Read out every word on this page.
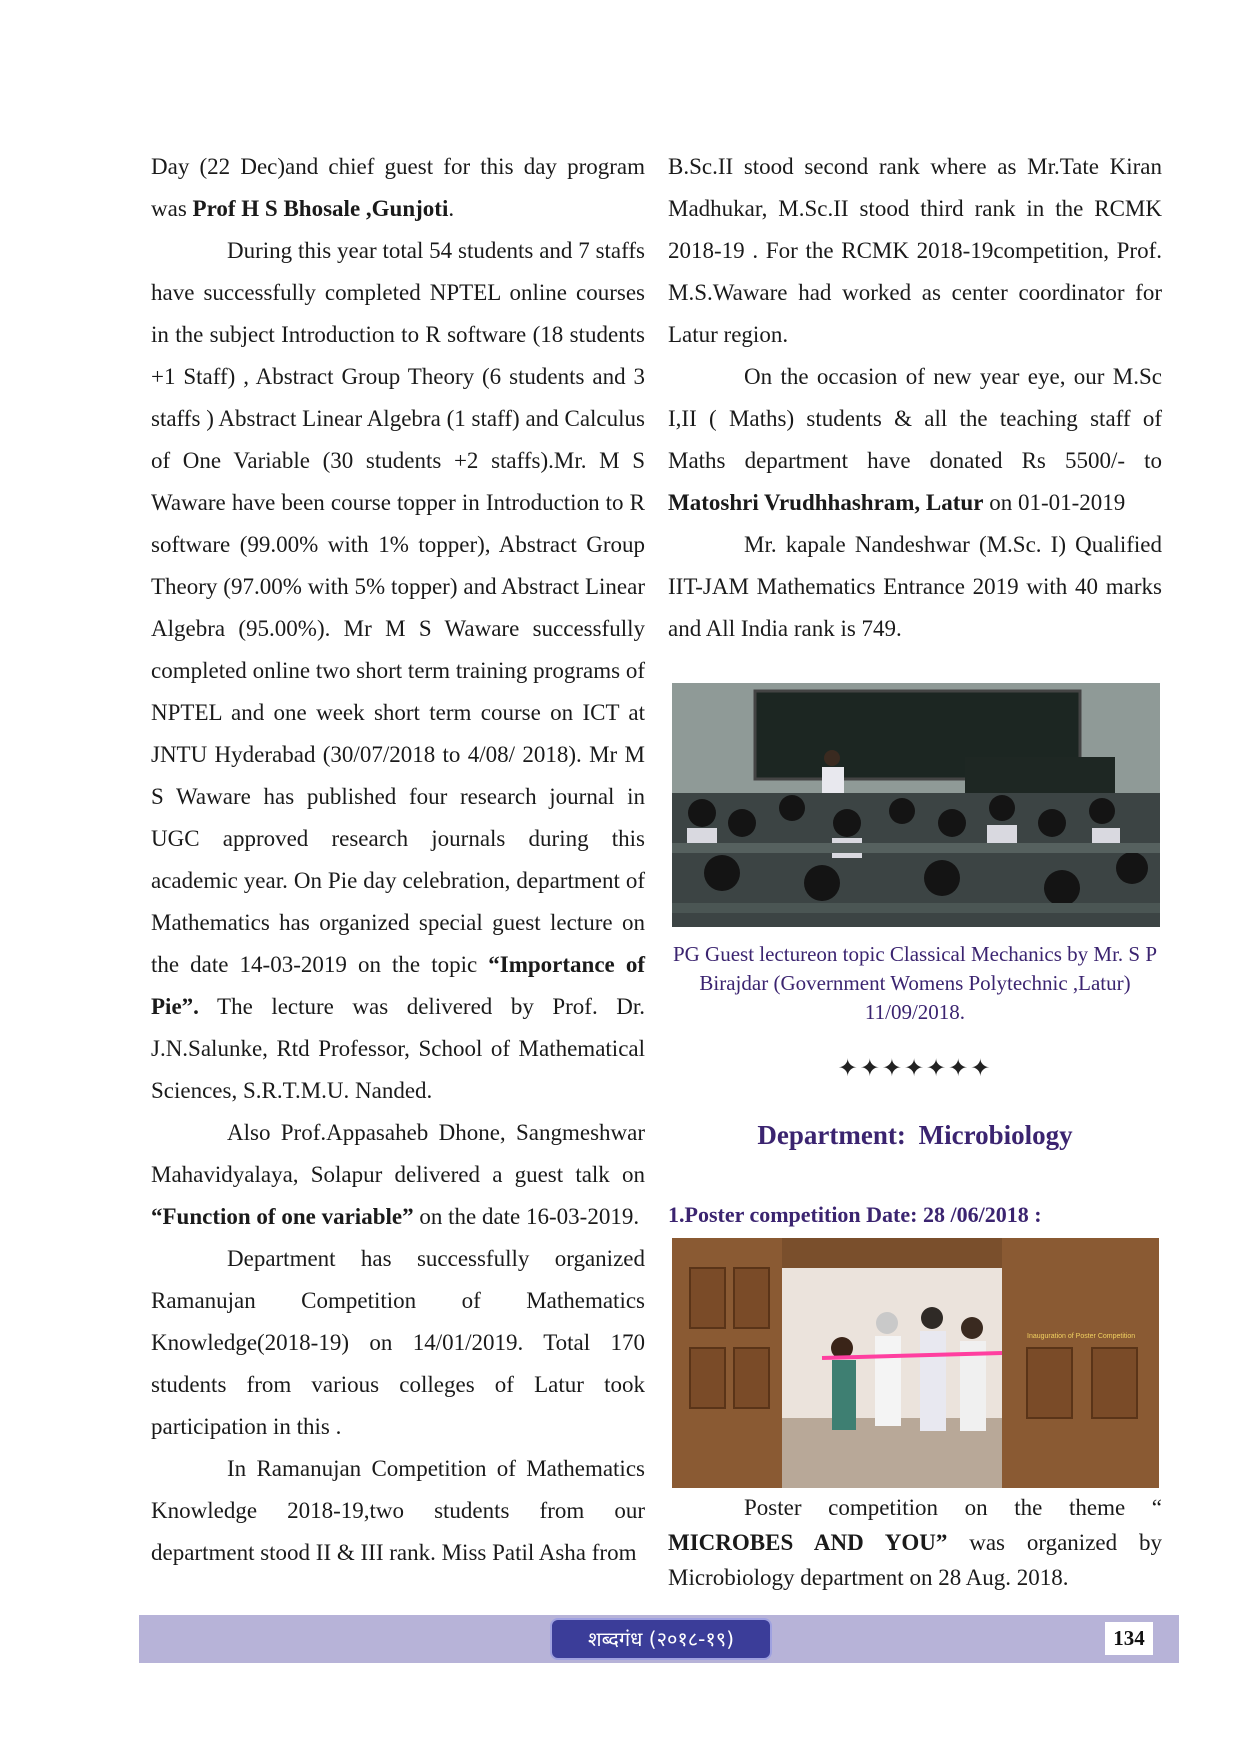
Day (22 Dec)and chief guest for this day program was Prof H S Bhosale ,Gunjoti.

During this year total 54 students and 7 staffs have successfully completed NPTEL online courses in the subject Introduction to R software (18 students +1 Staff) , Abstract Group Theory (6 students and 3 staffs ) Abstract Linear Algebra (1 staff) and Calculus of One Variable (30 students +2 staffs).Mr. M S Waware have been course topper in Introduction to R software (99.00% with 1% topper), Abstract Group Theory (97.00% with 5% topper) and Abstract Linear Algebra (95.00%). Mr M S Waware successfully completed online two short term training programs of NPTEL and one week short term course on ICT at JNTU Hyderabad (30/07/2018 to 4/08/ 2018). Mr M S Waware has published four research journal in UGC approved research journals during this academic year. On Pie day celebration, department of Mathematics has organized special guest lecture on the date 14-03-2019 on the topic “Importance of Pie”. The lecture was delivered by Prof. Dr. J.N.Salunke, Rtd Professor, School of Mathematical Sciences, S.R.T.M.U. Nanded.

Also Prof.Appasaheb Dhone, Sangmeshwar Mahavidyalaya, Solapur delivered a guest talk on “Function of one variable” on the date 16-03-2019.

Department has successfully organized Ramanujan Competition of Mathematics Knowledge(2018-19) on 14/01/2019. Total 170 students from various colleges of Latur took participation in this .

In Ramanujan Competition of Mathematics Knowledge 2018-19,two students from our department stood II & III rank. Miss Patil Asha from

B.Sc.II stood second rank where as Mr.Tate Kiran Madhukar, M.Sc.II stood third rank in the RCMK 2018-19 . For the RCMK 2018-19competition, Prof. M.S.Waware had worked as center coordinator for Latur region.

On the occasion of new year eye, our M.Sc I,II ( Maths) students & all the teaching staff of Maths department have donated Rs 5500/- to Matoshri Vrudhhashram, Latur on 01-01-2019

Mr. kapale Nandeshwar (M.Sc. I) Qualified IIT-JAM Mathematics Entrance 2019 with 40 marks and All India rank is 749.

PG Guest lectureon topic Classical Mechanics by Mr. S P Birajdar (Government Womens Polytechnic ,Latur) 11/09/2018.
✦✦✦✦✦✦✦
Department: Microbiology
1.Poster competition Date: 28 /06/2018 :
Inauguration of Poster Competition

Poster competition on the theme “ MICROBES AND YOU” was organized by Microbiology department on 28 Aug. 2018.

शब्दगंध (२०१८-१९)	134
